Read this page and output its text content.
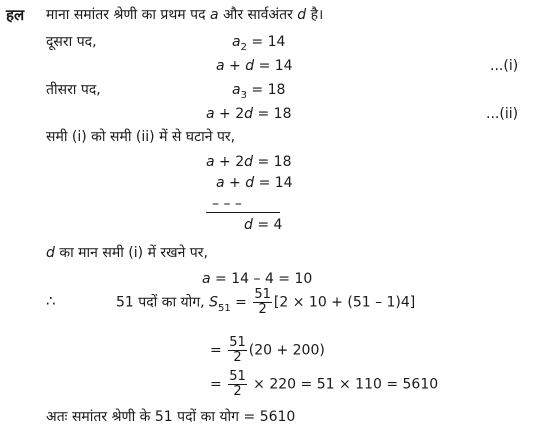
हल माना समांतर श्रेणी का प्रथम पद a और सार्वअंतर d है।
दूसरा पद,	$a_2 = 14$
a + d = 14	...(i)
तीसरा पद,	$a_3 = 18$
a + 2d = 18	...(ii)
समी (i) को समी (ii) में से घटाने पर,
a + 2d = 18
a + d = 14
– – –
d = 4
d का मान समी (i) में रखने पर,
a = 14 – 4 = 10
∴	51 पदों का योग, $S_{51} = \frac{51}{2} [2 \times 10 + (51 - 1)4]$
= $\frac{51}{2} (20 + 200)$
= $\frac{51}{2} \times 220 = 51 \times 110 = 5610$
अतः समांतर श्रेणी के 51 पदों का योग = 5610
